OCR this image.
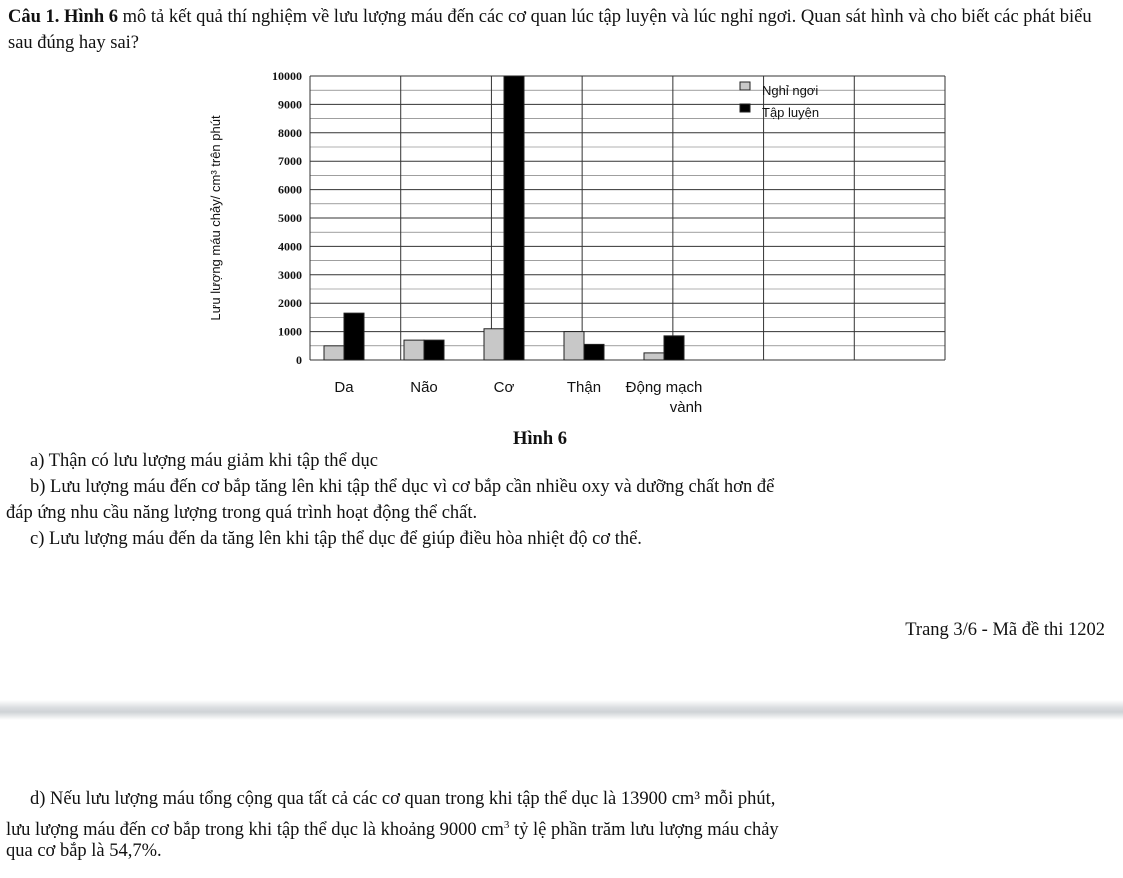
Câu 1. Hình 6 mô tả kết quả thí nghiệm về lưu lượng máu đến các cơ quan lúc tập luyện và lúc nghỉ ngơi. Quan sát hình và cho biết các phát biểu sau đúng hay sai?
0
1000
2000
3000
4000
5000
6000
7000
8000
9000
10000
Lưu lượng máu chảy/ cm³ trên phút
Da	Não	Cơ	Thận Động mạch
vành
Nghỉ ngơi
Tập luyện
Hình 6
a) Thận có lưu lượng máu giảm khi tập thể dục
b) Lưu lượng máu đến cơ bắp tăng lên khi tập thể dục vì cơ bắp cần nhiều oxy và dưỡng chất hơn để
đáp ứng nhu cầu năng lượng trong quá trình hoạt động thể chất.
c) Lưu lượng máu đến da tăng lên khi tập thể dục để giúp điều hòa nhiệt độ cơ thể.
Trang 3/6 - Mã đề thi 1202
d) Nếu lưu lượng máu tổng cộng qua tất cả các cơ quan trong khi tập thể dục là 13900 cm³ mỗi phút,
lưu lượng máu đến cơ bắp trong khi tập thể dục là khoảng 9000 $cm^3$ tỷ lệ phần trăm lưu lượng máu chảy
qua cơ bắp là 54,7%.
